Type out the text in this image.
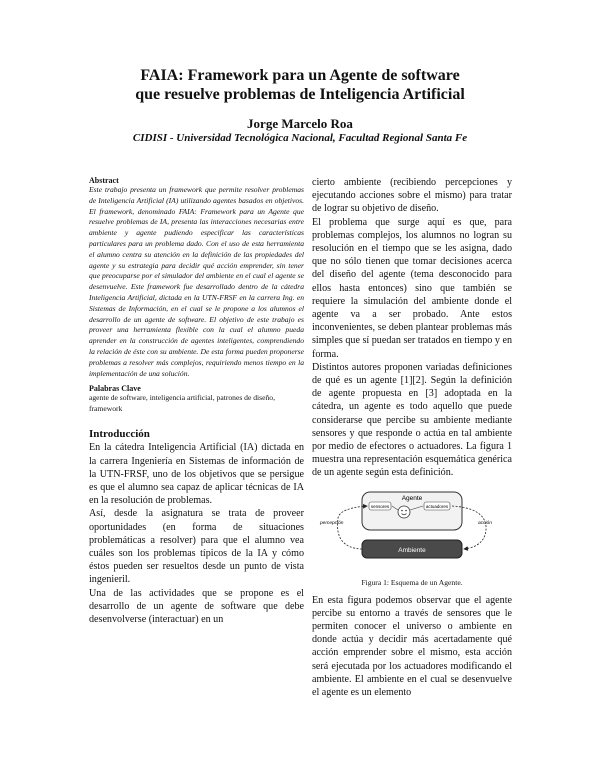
FAIA: Framework para un Agente de software
que resuelve problemas de Inteligencia Artificial
Jorge Marcelo Roa
CIDISI - Universidad Tecnológica Nacional, Facultad Regional Santa Fe
Abstract

Este trabajo presenta un framework que permite resolver problemas de Inteligencia Artificial (IA) utilizando agentes basados en objetivos. El framework, denominado FAIA: Framework para un Agente que resuelve problemas de IA, presenta las interacciones necesarias entre ambiente y agente pudiendo especificar las características particulares para un problema dado. Con el uso de esta herramienta el alumno centra su atención en la definición de las propiedades del agente y su estrategia para decidir qué acción emprender, sin tener que preocuparse por el simulador del ambiente en el cual el agente se desenvuelve. Este framework fue desarrollado dentro de la cátedra Inteligencia Artificial, dictada en la UTN-FRSF en la carrera Ing. en Sistemas de Información, en el cual se le propone a los alumnos el desarrollo de un agente de software. El objetivo de este trabajo es proveer una herramienta flexible con la cual el alumno pueda aprender en la construcción de agentes inteligentes, comprendiendo la relación de éste con su ambiente. De esta forma pueden proponerse problemas a resolver más complejos, requiriendo menos tiempo en la implementación de una solución.

Palabras Clave

agente de software, inteligencia artificial, patrones de diseño, framework

Introducción

En la cátedra Inteligencia Artificial (IA) dictada en la carrera Ingeniería en Sistemas de información de la UTN-FRSF, uno de los objetivos que se persigue es que el alumno sea capaz de aplicar técnicas de IA en la resolución de problemas.

Así, desde la asignatura se trata de proveer oportunidades (en forma de situaciones problemáticas a resolver) para que el alumno vea cuáles son los problemas típicos de la IA y cómo éstos pueden ser resueltos desde un punto de vista ingenieril.

Una de las actividades que se propone es el desarrollo de un agente de software que debe desenvolverse (interactuar) en un

cierto ambiente (recibiendo percepciones y ejecutando acciones sobre el mismo) para tratar de lograr su objetivo de diseño.

El problema que surge aquí es que, para problemas complejos, los alumnos no logran su resolución en el tiempo que se les asigna, dado que no sólo tienen que tomar decisiones acerca del diseño del agente (tema desconocido para ellos hasta entonces) sino que también se requiere la simulación del ambiente donde el agente va a ser probado. Ante estos inconvenientes, se deben plantear problemas más simples que sí puedan ser tratados en tiempo y en forma.

Distintos autores proponen variadas definiciones de qué es un agente [1][2]. Según la definición de agente propuesta en [3] adoptada en la cátedra, un agente es todo aquello que puede considerarse que percibe su ambiente mediante sensores y que responde o actúa en tal ambiente por medio de efectores o actuadores. La figura 1 muestra una representación esquemática genérica de un agente según esta definición.

Agente
sensores	actuadores
Ambiente
percepción	acción
Figura 1: Esquema de un Agente.

En esta figura podemos observar que el agente percibe su entorno a través de sensores que le permiten conocer el universo o ambiente en donde actúa y decidir más acertadamente qué acción emprender sobre el mismo, esta acción será ejecutada por los actuadores modificando el ambiente. El ambiente en el cual se desenvuelve el agente es un elemento
